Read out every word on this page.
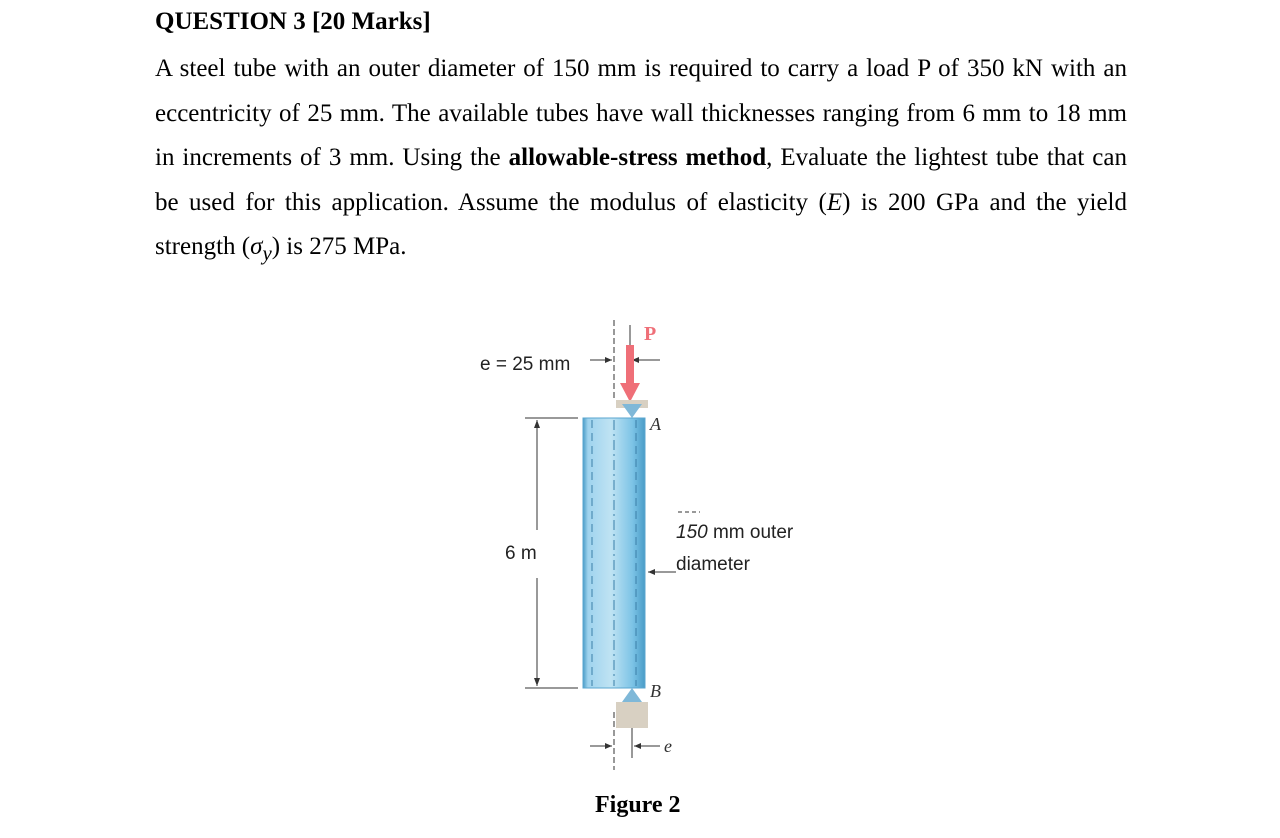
QUESTION 3 [20 Marks]
A steel tube with an outer diameter of 150 mm is required to carry a load P of 350 kN with an eccentricity of 25 mm. The available tubes have wall thicknesses ranging from 6 mm to 18 mm in increments of 3 mm. Using the allowable-stress method, Evaluate the lightest tube that can be used for this application. Assume the modulus of elasticity (E) is 200 GPa and the yield strength $(\sigma_y)$ is 275 MPa.
e = 25 mm
P
A
6 m
150 mm outer
diameter
B
e
Figure 2
